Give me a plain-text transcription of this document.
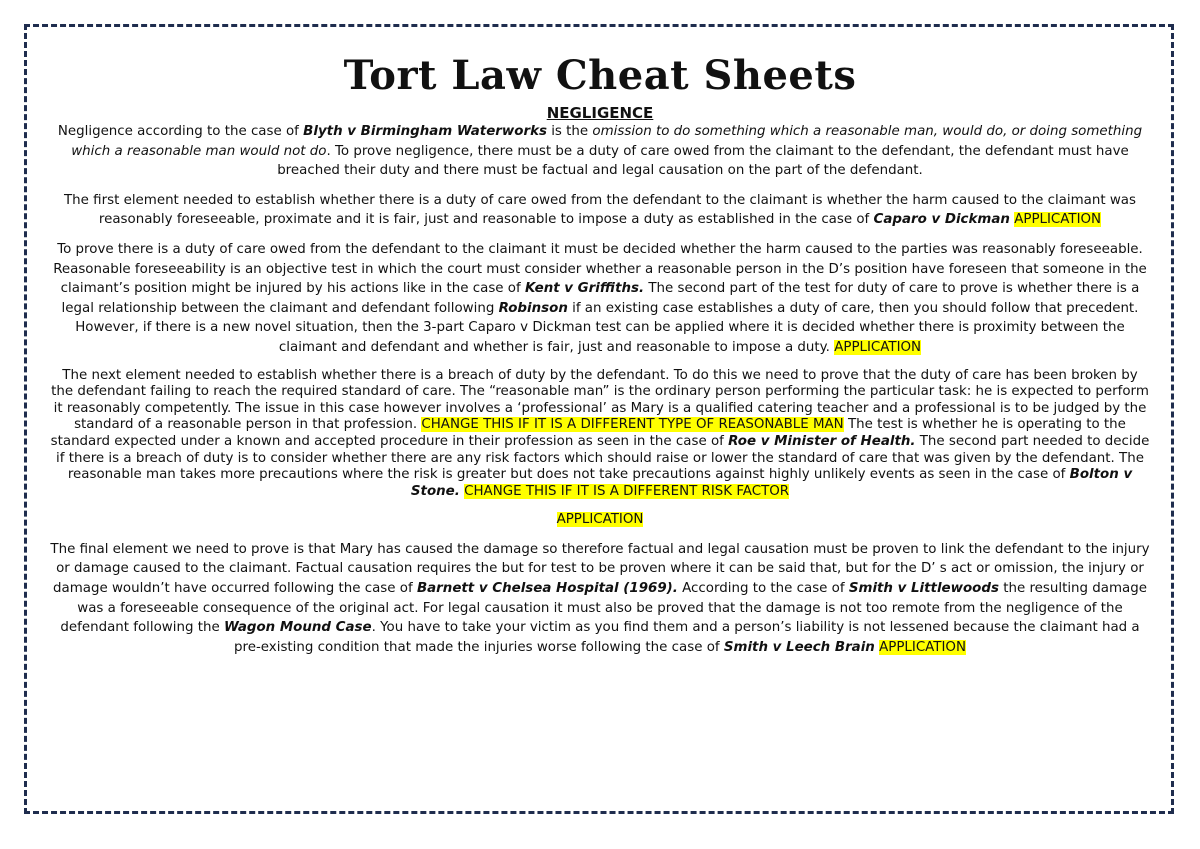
Tort Law Cheat Sheets
NEGLIGENCE

Negligence according to the case of Blyth v Birmingham Waterworks is the omission to do something which a reasonable man, would do, or doing something which a reasonable man would not do. To prove negligence, there must be a duty of care owed from the claimant to the defendant, the defendant must have breached their duty and there must be factual and legal causation on the part of the defendant.

The first element needed to establish whether there is a duty of care owed from the defendant to the claimant is whether the harm caused to the claimant was reasonably foreseeable, proximate and it is fair, just and reasonable to impose a duty as established in the case of Caparo v Dickman APPLICATION

To prove there is a duty of care owed from the defendant to the claimant it must be decided whether the harm caused to the parties was reasonably foreseeable. Reasonable foreseeability is an objective test in which the court must consider whether a reasonable person in the D’s position have foreseen that someone in the claimant’s position might be injured by his actions like in the case of Kent v Griffiths. The second part of the test for duty of care to prove is whether there is a legal relationship between the claimant and defendant following Robinson if an existing case establishes a duty of care, then you should follow that precedent. However, if there is a new novel situation, then the 3-part Caparo v Dickman test can be applied where it is decided whether there is proximity between the claimant and defendant and whether is fair, just and reasonable to impose a duty. APPLICATION

The next element needed to establish whether there is a breach of duty by the defendant. To do this we need to prove that the duty of care has been broken by the defendant failing to reach the required standard of care. The “reasonable man” is the ordinary person performing the particular task: he is expected to perform it reasonably competently. The issue in this case however involves a ‘professional’ as Mary is a qualified catering teacher and a professional is to be judged by the standard of a reasonable person in that profession. CHANGE THIS IF IT IS A DIFFERENT TYPE OF REASONABLE MAN The test is whether he is operating to the standard expected under a known and accepted procedure in their profession as seen in the case of Roe v Minister of Health. The second part needed to decide if there is a breach of duty is to consider whether there are any risk factors which should raise or lower the standard of care that was given by the defendant. The reasonable man takes more precautions where the risk is greater but does not take precautions against highly unlikely events as seen in the case of Bolton v Stone. CHANGE THIS IF IT IS A DIFFERENT RISK FACTOR

APPLICATION

The final element we need to prove is that Mary has caused the damage so therefore factual and legal causation must be proven to link the defendant to the injury or damage caused to the claimant. Factual causation requires the but for test to be proven where it can be said that, but for the D’ s act or omission, the injury or damage wouldn’t have occurred following the case of Barnett v Chelsea Hospital (1969). According to the case of Smith v Littlewoods the resulting damage was a foreseeable consequence of the original act. For legal causation it must also be proved that the damage is not too remote from the negligence of the defendant following the Wagon Mound Case. You have to take your victim as you find them and a person’s liability is not lessened because the claimant had a pre-existing condition that made the injuries worse following the case of Smith v Leech Brain APPLICATION
